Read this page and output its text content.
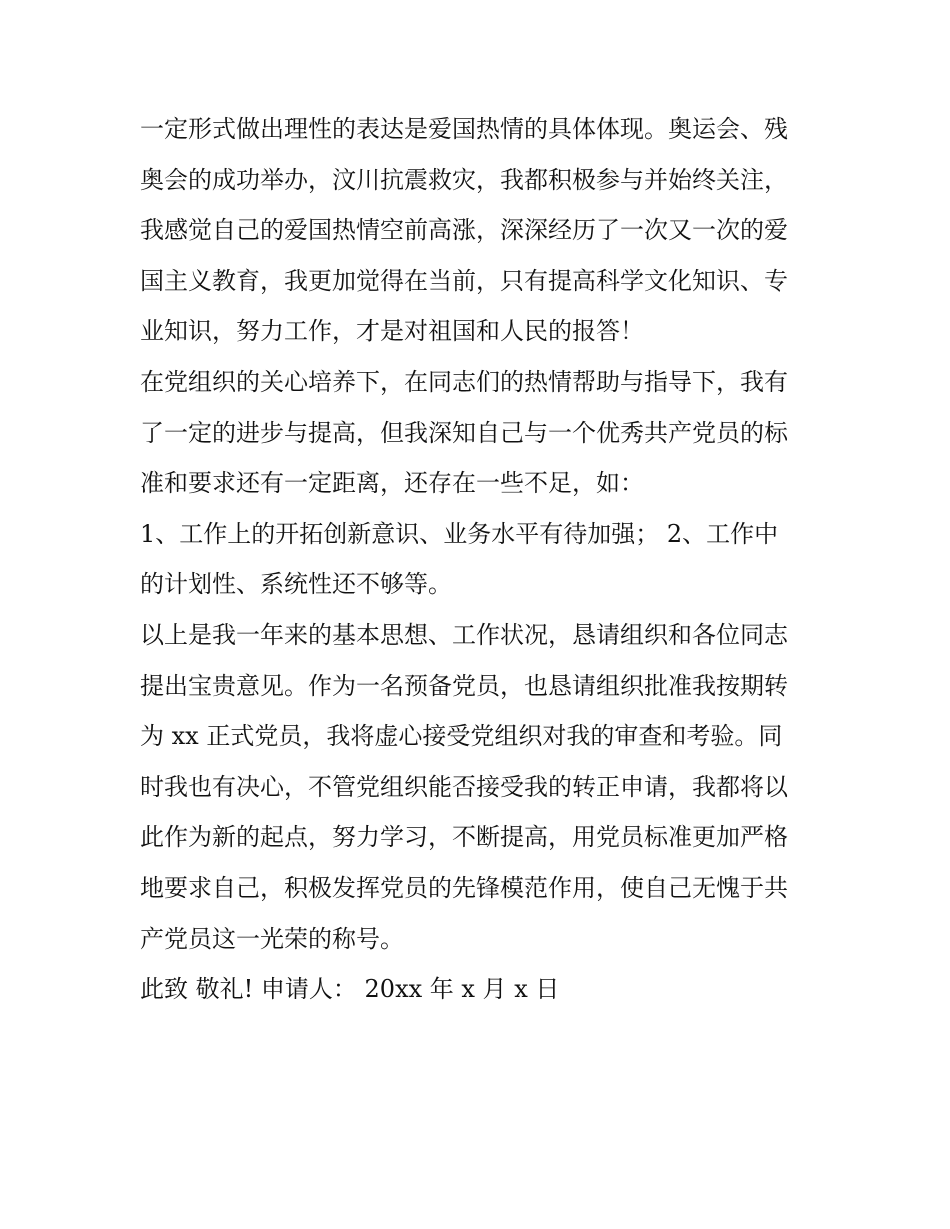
一定形式做出理性的表达是爱国热情的具体体现。奥运会、残
奥会的成功举办，汶川抗震救灾，我都积极参与并始终关注，
我感觉自己的爱国热情空前高涨，深深经历了一次又一次的爱
国主义教育，我更加觉得在当前，只有提高科学文化知识、专
业知识，努力工作，才是对祖国和人民的报答！
在党组织的关心培养下，在同志们的热情帮助与指导下，我有
了一定的进步与提高，但我深知自己与一个优秀共产党员的标
准和要求还有一定距离，还存在一些不足，如：
1、工作上的开拓创新意识、业务水平有待加强； 2、工作中
的计划性、系统性还不够等。
以上是我一年来的基本思想、工作状况，恳请组织和各位同志
提出宝贵意见。作为一名预备党员，也恳请组织批准我按期转
为 xx 正式党员，我将虚心接受党组织对我的审查和考验。同
时我也有决心，不管党组织能否接受我的转正申请，我都将以
此作为新的起点，努力学习，不断提高，用党员标准更加严格
地要求自己，积极发挥党员的先锋模范作用，使自己无愧于共
产党员这一光荣的称号。
此致 敬礼! 申请人： 20xx 年 x 月 x 日
